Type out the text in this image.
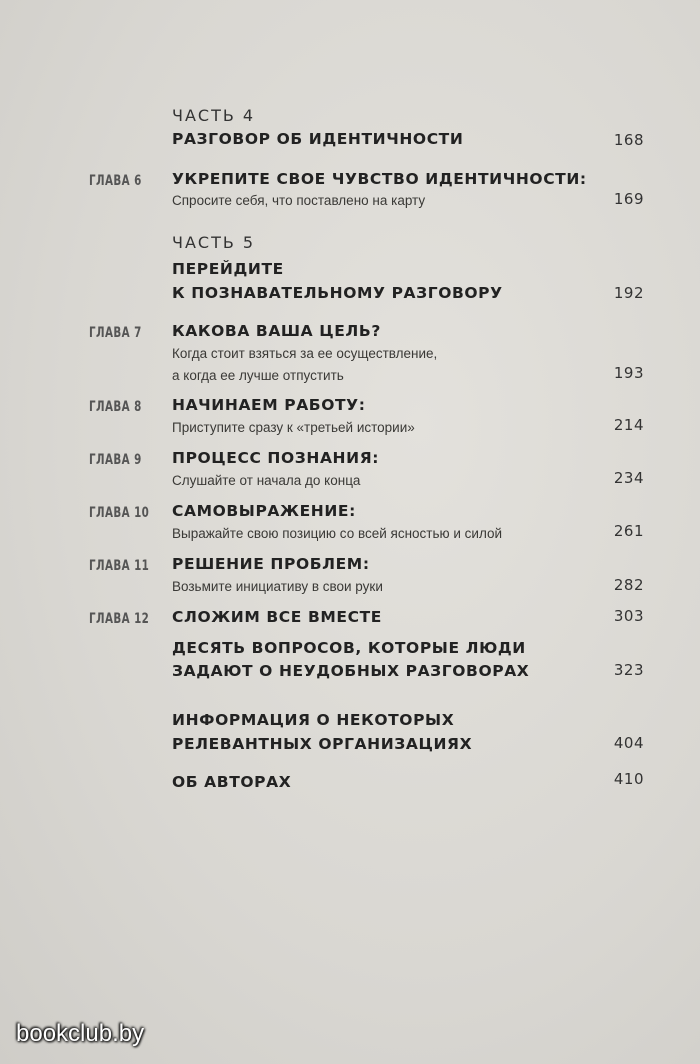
ЧАСТЬ 4
РАЗГОВОР ОБ ИДЕНТИЧНОСТИ	168
ГЛАВА 6 УКРЕПИТЕ СВОЕ ЧУВСТВО ИДЕНТИЧНОСТИ:
Спросите себя, что поставлено на карту	169
ЧАСТЬ 5
ПЕРЕЙДИТЕ
К ПОЗНАВАТЕЛЬНОМУ РАЗГОВОРУ	192
ГЛАВА 7 КАКОВА ВАША ЦЕЛЬ?
Когда стоит взяться за ее осуществление,
а когда ее лучше отпустить	193
ГЛАВА 8 НАЧИНАЕМ РАБОТУ:
Приступите сразу к «третьей истории»	214
ГЛАВА 9 ПРОЦЕСС ПОЗНАНИЯ:
Слушайте от начала до конца	234
ГЛАВА 10 САМОВЫРАЖЕНИЕ:
Выражайте свою позицию со всей ясностью и силой	261
ГЛАВА 11 РЕШЕНИЕ ПРОБЛЕМ:
Возьмите инициативу в свои руки	282
ГЛАВА 12 СЛОЖИМ ВСЕ ВМЕСТЕ	303
ДЕСЯТЬ ВОПРОСОВ, КОТОРЫЕ ЛЮДИ
ЗАДАЮТ О НЕУДОБНЫХ РАЗГОВОРАХ	323
ИНФОРМАЦИЯ О НЕКОТОРЫХ
РЕЛЕВАНТНЫХ ОРГАНИЗАЦИЯХ	404
ОБ АВТОРАХ	410
bookclub.by
